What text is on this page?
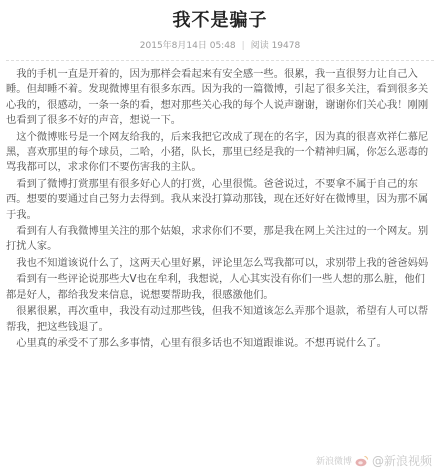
我不是骗子
2015年8月14日 05:48 | 阅读 19478

我的手机一直是开着的，因为那样会看起来有安全感一些。很累，我一直很努力让自己入睡。但却睡不着。发现微博里有很多东西。因为我的一篇微博，引起了很多关注，看到很多关心我的，很感动，一条一条的看，想对那些关心我的每个人说声谢谢，谢谢你们关心我！刚刚也看到了很多不好的声音，想说一下。

这个微博账号是一个网友给我的，后来我把它改成了现在的名字，因为真的很喜欢祥仁慕尼黑，喜欢那里的每个球员，二哈，小猪，队长，那里已经是我的一个精神归属，你怎么恶毒的骂我都可以，求求你们不要伤害我的主队。

看到了微博打赏那里有很多好心人的打赏，心里很慌。爸爸说过，不要拿不属于自己的东西。想要的要通过自己努力去得到。我从来没打算动那钱，现在还好好在微博里，因为那不属于我。

看到有人有我微博里关注的那个姑娘，求求你们不要，那是我在网上关注过的一个网友。别打扰人家。

我也不知道该说什么了，这两天心里好累，评论里怎么骂我都可以，求别带上我的爸爸妈妈

看到有一些评论说那些大V也在牟利，我想说，人心其实没有你们一些人想的那么脏，他们都是好人，都给我发来信息，说想要帮助我，很感激他们。

很累很累，再次重申，我没有动过那些钱，但我不知道该怎么弄那个退款，希望有人可以帮帮我，把这些钱退了。

心里真的承受不了那么多事情，心里有很多话也不知道跟谁说。不想再说什么了。

新浪微博 @新浪视频
